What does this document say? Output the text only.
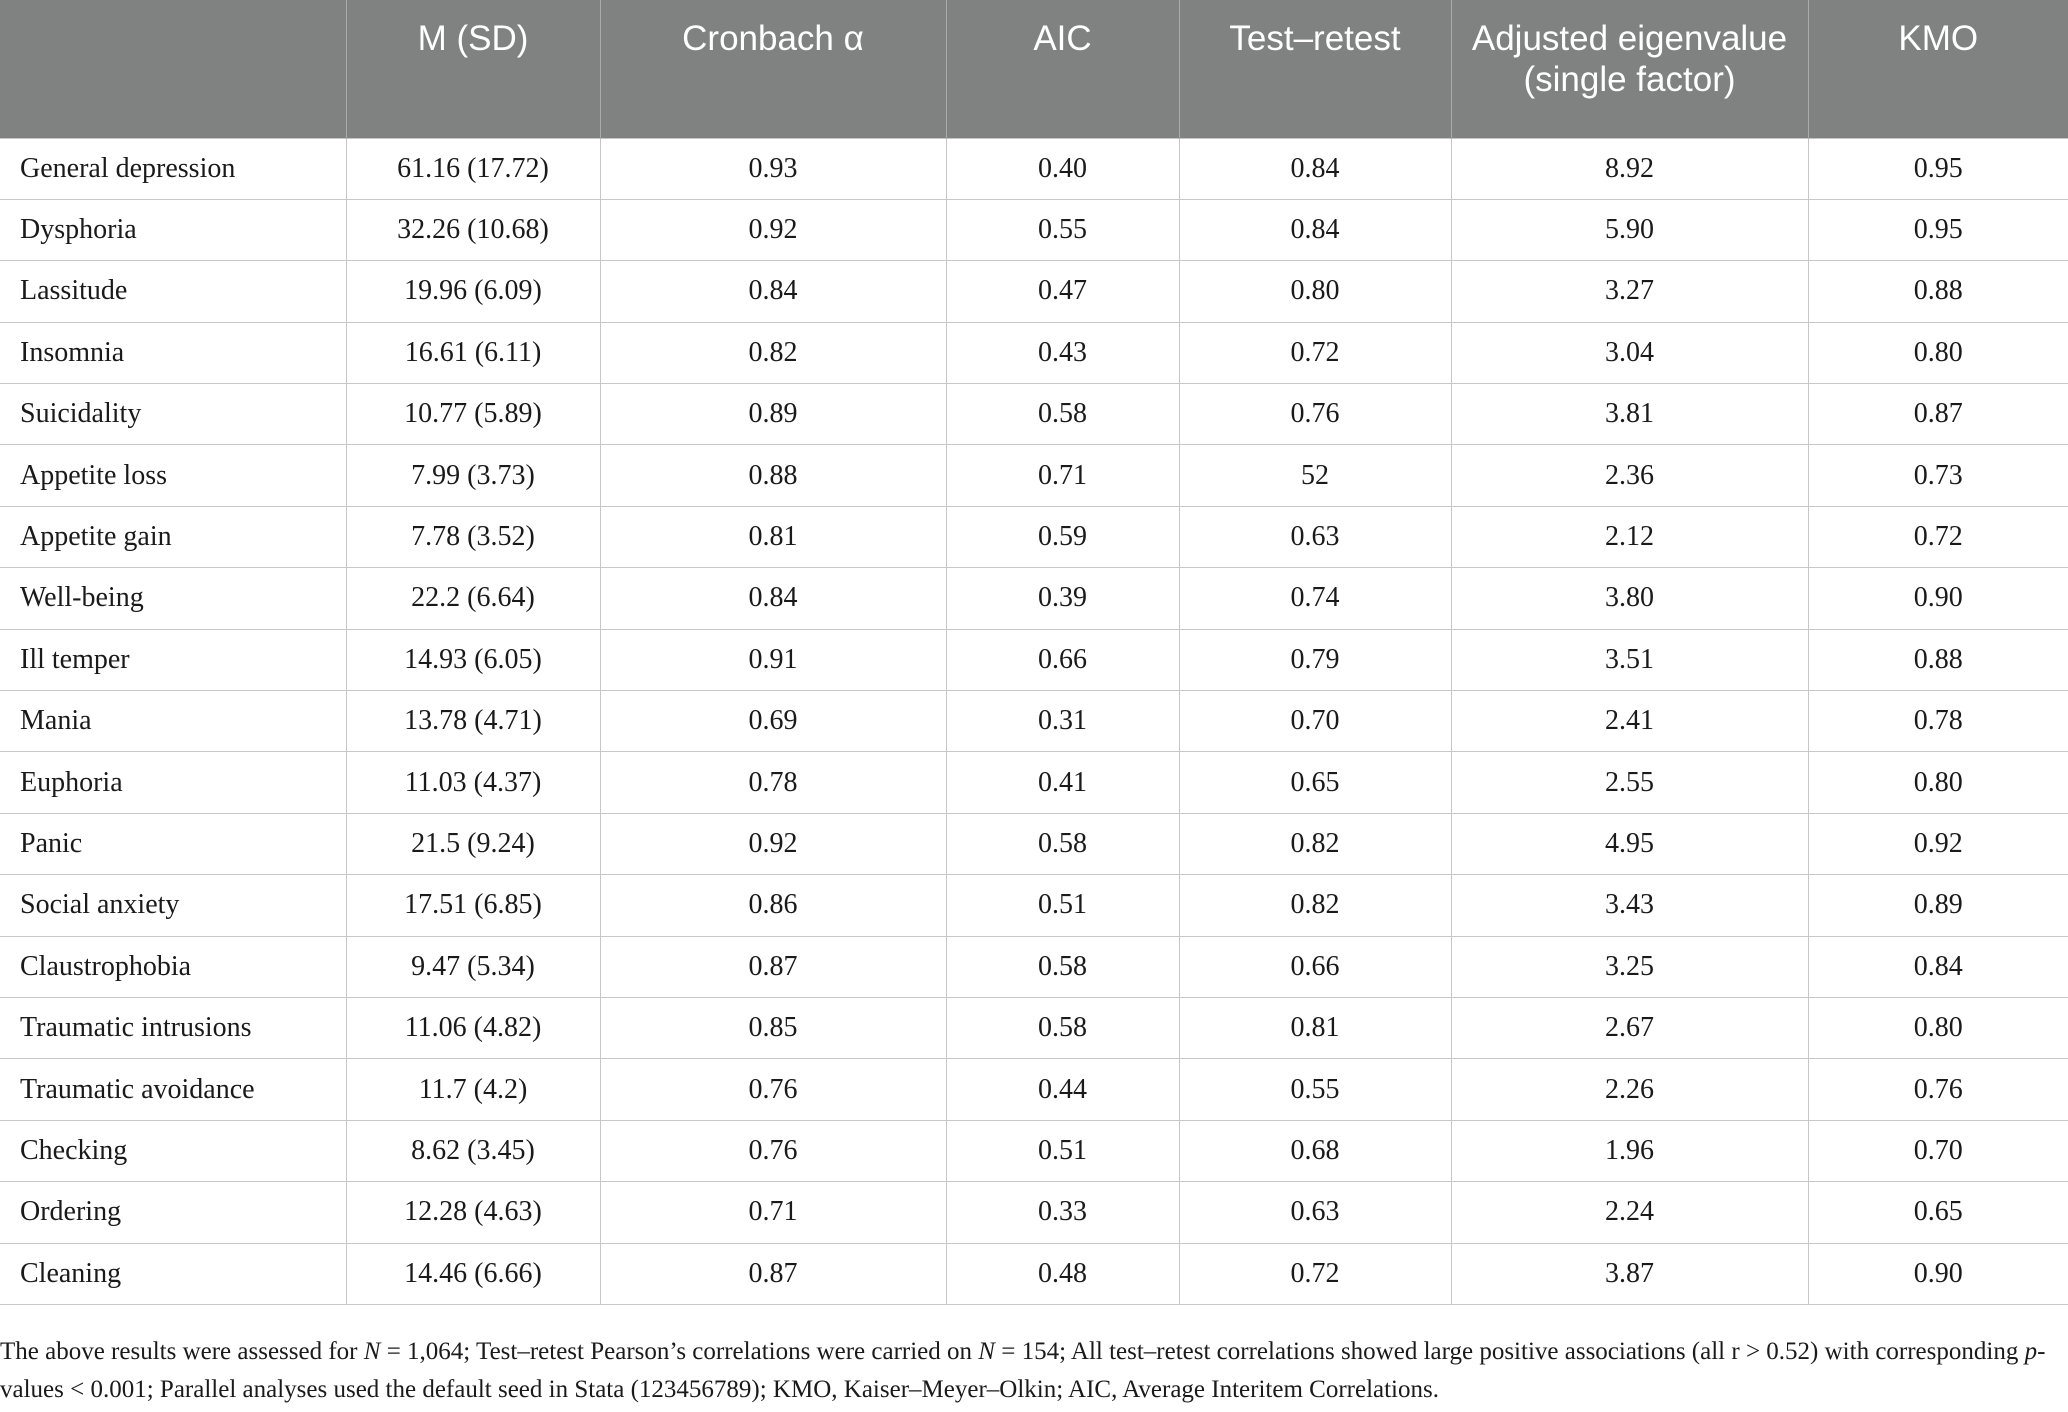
	M (SD)	Cronbach α	AIC	Test–retest	Adjusted eigenvalue (single factor)	KMO
General depression	61.16 (17.72)	0.93	0.40	0.84	8.92	0.95
Dysphoria	32.26 (10.68)	0.92	0.55	0.84	5.90	0.95
Lassitude	19.96 (6.09)	0.84	0.47	0.80	3.27	0.88
Insomnia	16.61 (6.11)	0.82	0.43	0.72	3.04	0.80
Suicidality	10.77 (5.89)	0.89	0.58	0.76	3.81	0.87
Appetite loss	7.99 (3.73)	0.88	0.71	52	2.36	0.73
Appetite gain	7.78 (3.52)	0.81	0.59	0.63	2.12	0.72
Well-being	22.2 (6.64)	0.84	0.39	0.74	3.80	0.90
Ill temper	14.93 (6.05)	0.91	0.66	0.79	3.51	0.88
Mania	13.78 (4.71)	0.69	0.31	0.70	2.41	0.78
Euphoria	11.03 (4.37)	0.78	0.41	0.65	2.55	0.80
Panic	21.5 (9.24)	0.92	0.58	0.82	4.95	0.92
Social anxiety	17.51 (6.85)	0.86	0.51	0.82	3.43	0.89
Claustrophobia	9.47 (5.34)	0.87	0.58	0.66	3.25	0.84
Traumatic intrusions	11.06 (4.82)	0.85	0.58	0.81	2.67	0.80
Traumatic avoidance	11.7 (4.2)	0.76	0.44	0.55	2.26	0.76
Checking	8.62 (3.45)	0.76	0.51	0.68	1.96	0.70
Ordering	12.28 (4.63)	0.71	0.33	0.63	2.24	0.65
Cleaning	14.46 (6.66)	0.87	0.48	0.72	3.87	0.90
The above results were assessed for N = 1,064; Test–retest Pearson’s correlations were carried on N = 154; All test–retest correlations showed large positive associations (all r > 0.52) with corresponding p-values < 0.001; Parallel analyses used the default seed in Stata (123456789); KMO, Kaiser–Meyer–Olkin; AIC, Average Interitem Correlations.
